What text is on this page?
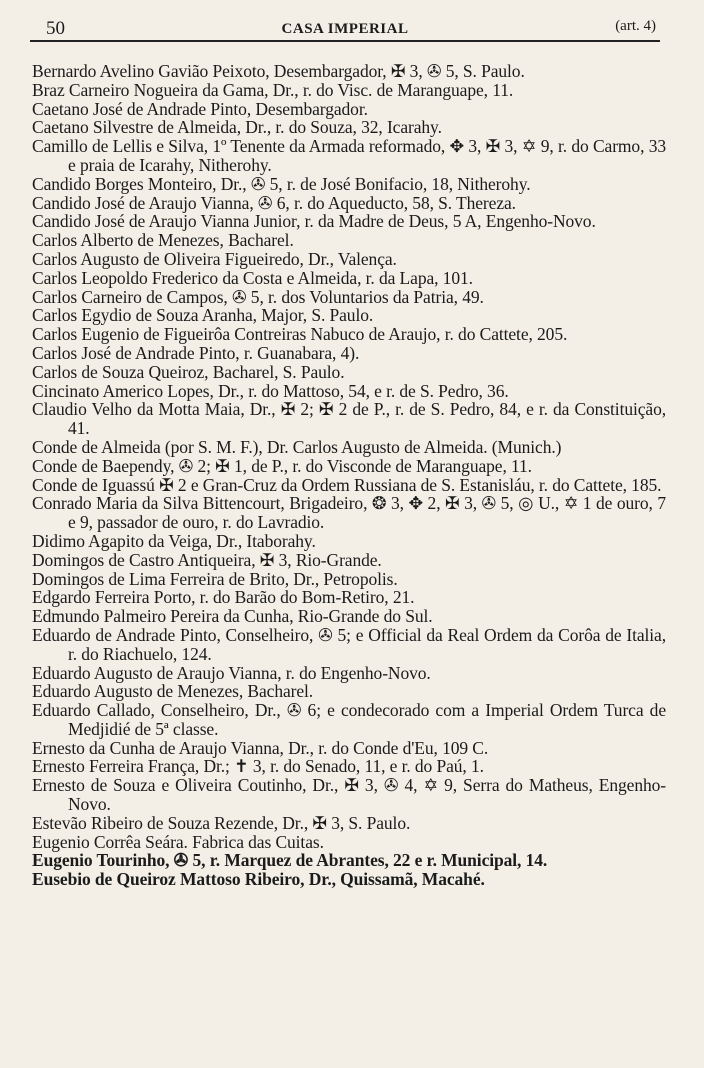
50	CASA IMPERIAL	(art. 4)
Bernardo Avelino Gavião Peixoto, Desembargador, ✠ 3, ✇ 5, S. Paulo.
Braz Carneiro Nogueira da Gama, Dr., r. do Visc. de Maranguape, 11.
Caetano José de Andrade Pinto, Desembargador.
Caetano Silvestre de Almeida, Dr., r. do Souza, 32, Icarahy.
Camillo de Lellis e Silva, 1º Tenente da Armada reformado, ✥ 3, ✠ 3, ✡ 9, r. do Carmo, 33 e praia de Icarahy, Nitherohy.
Candido Borges Monteiro, Dr., ✇ 5, r. de José Bonifacio, 18, Nitherohy.
Candido José de Araujo Vianna, ✇ 6, r. do Aqueducto, 58, S. Thereza.
Candido José de Araujo Vianna Junior, r. da Madre de Deus, 5 A, Engenho-Novo.
Carlos Alberto de Menezes, Bacharel.
Carlos Augusto de Oliveira Figueiredo, Dr., Valença.
Carlos Leopoldo Frederico da Costa e Almeida, r. da Lapa, 101.
Carlos Carneiro de Campos, ✇ 5, r. dos Voluntarios da Patria, 49.
Carlos Egydio de Souza Aranha, Major, S. Paulo.
Carlos Eugenio de Figueirôa Contreiras Nabuco de Araujo, r. do Cattete, 205.
Carlos José de Andrade Pinto, r. Guanabara, 4).
Carlos de Souza Queiroz, Bacharel, S. Paulo.
Cincinato Americo Lopes, Dr., r. do Mattoso, 54, e r. de S. Pedro, 36.
Claudio Velho da Motta Maia, Dr., ✠ 2; ✠ 2 de P., r. de S. Pedro, 84, e r. da Constituição, 41.
Conde de Almeida (por S. M. F.), Dr. Carlos Augusto de Almeida. (Munich.)
Conde de Baependy, ✇ 2; ✠ 1, de P., r. do Visconde de Maranguape, 11.
Conde de Iguassú ✠ 2 e Gran-Cruz da Ordem Russiana de S. Estanisláu, r. do Cattete, 185.
Conrado Maria da Silva Bittencourt, Brigadeiro, ❂ 3, ✥ 2, ✠ 3, ✇ 5, ◎ U., ✡ 1 de ouro, 7 e 9, passador de ouro, r. do Lavradio.
Didimo Agapito da Veiga, Dr., Itaborahy.
Domingos de Castro Antiqueira, ✠ 3, Rio-Grande.
Domingos de Lima Ferreira de Brito, Dr., Petropolis.
Edgardo Ferreira Porto, r. do Barão do Bom-Retiro, 21.
Edmundo Palmeiro Pereira da Cunha, Rio-Grande do Sul.
Eduardo de Andrade Pinto, Conselheiro, ✇ 5; e Official da Real Ordem da Corôa de Italia, r. do Riachuelo, 124.
Eduardo Augusto de Araujo Vianna, r. do Engenho-Novo.
Eduardo Augusto de Menezes, Bacharel.
Eduardo Callado, Conselheiro, Dr., ✇ 6; e condecorado com a Imperial Ordem Turca de Medjidié de 5ª classe.
Ernesto da Cunha de Araujo Vianna, Dr., r. do Conde d'Eu, 109 C.
Ernesto Ferreira França, Dr.; ✝ 3, r. do Senado, 11, e r. do Paú, 1.
Ernesto de Souza e Oliveira Coutinho, Dr., ✠ 3, ✇ 4, ✡ 9, Serra do Matheus, Engenho-Novo.
Estevão Ribeiro de Souza Rezende, Dr., ✠ 3, S. Paulo.
Eugenio Corrêa Seára. Fabrica das Cuitas.
Eugenio Tourinho, ✇ 5, r. Marquez de Abrantes, 22 e r. Municipal, 14.
Eusebio de Queiroz Mattoso Ribeiro, Dr., Quissamã, Macahé.
